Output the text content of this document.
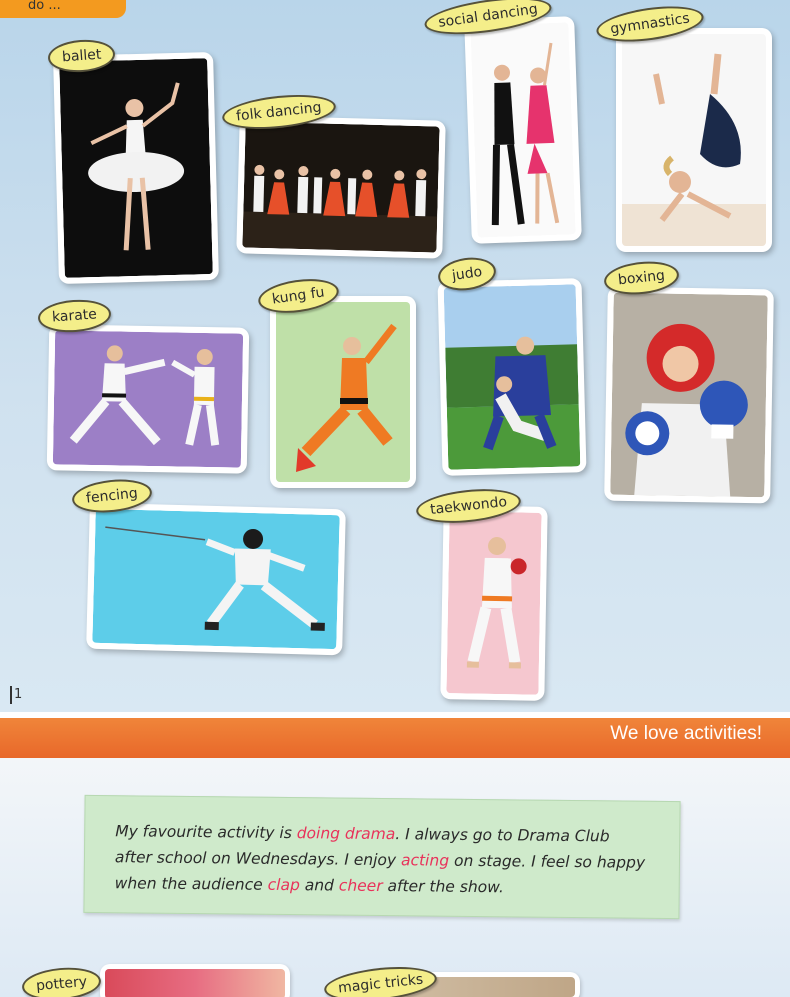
do ...
ballet
folk dancing
social dancing	gymnastics
karate
kung fu
judo	boxing
fencing	taekwondo
1
We love activities!

My favourite activity is doing drama. I always go to Drama Club after school on Wednesdays. I enjoy acting on stage. I feel so happy when the audience clap and cheer after the show.

pottery	magic tricks
